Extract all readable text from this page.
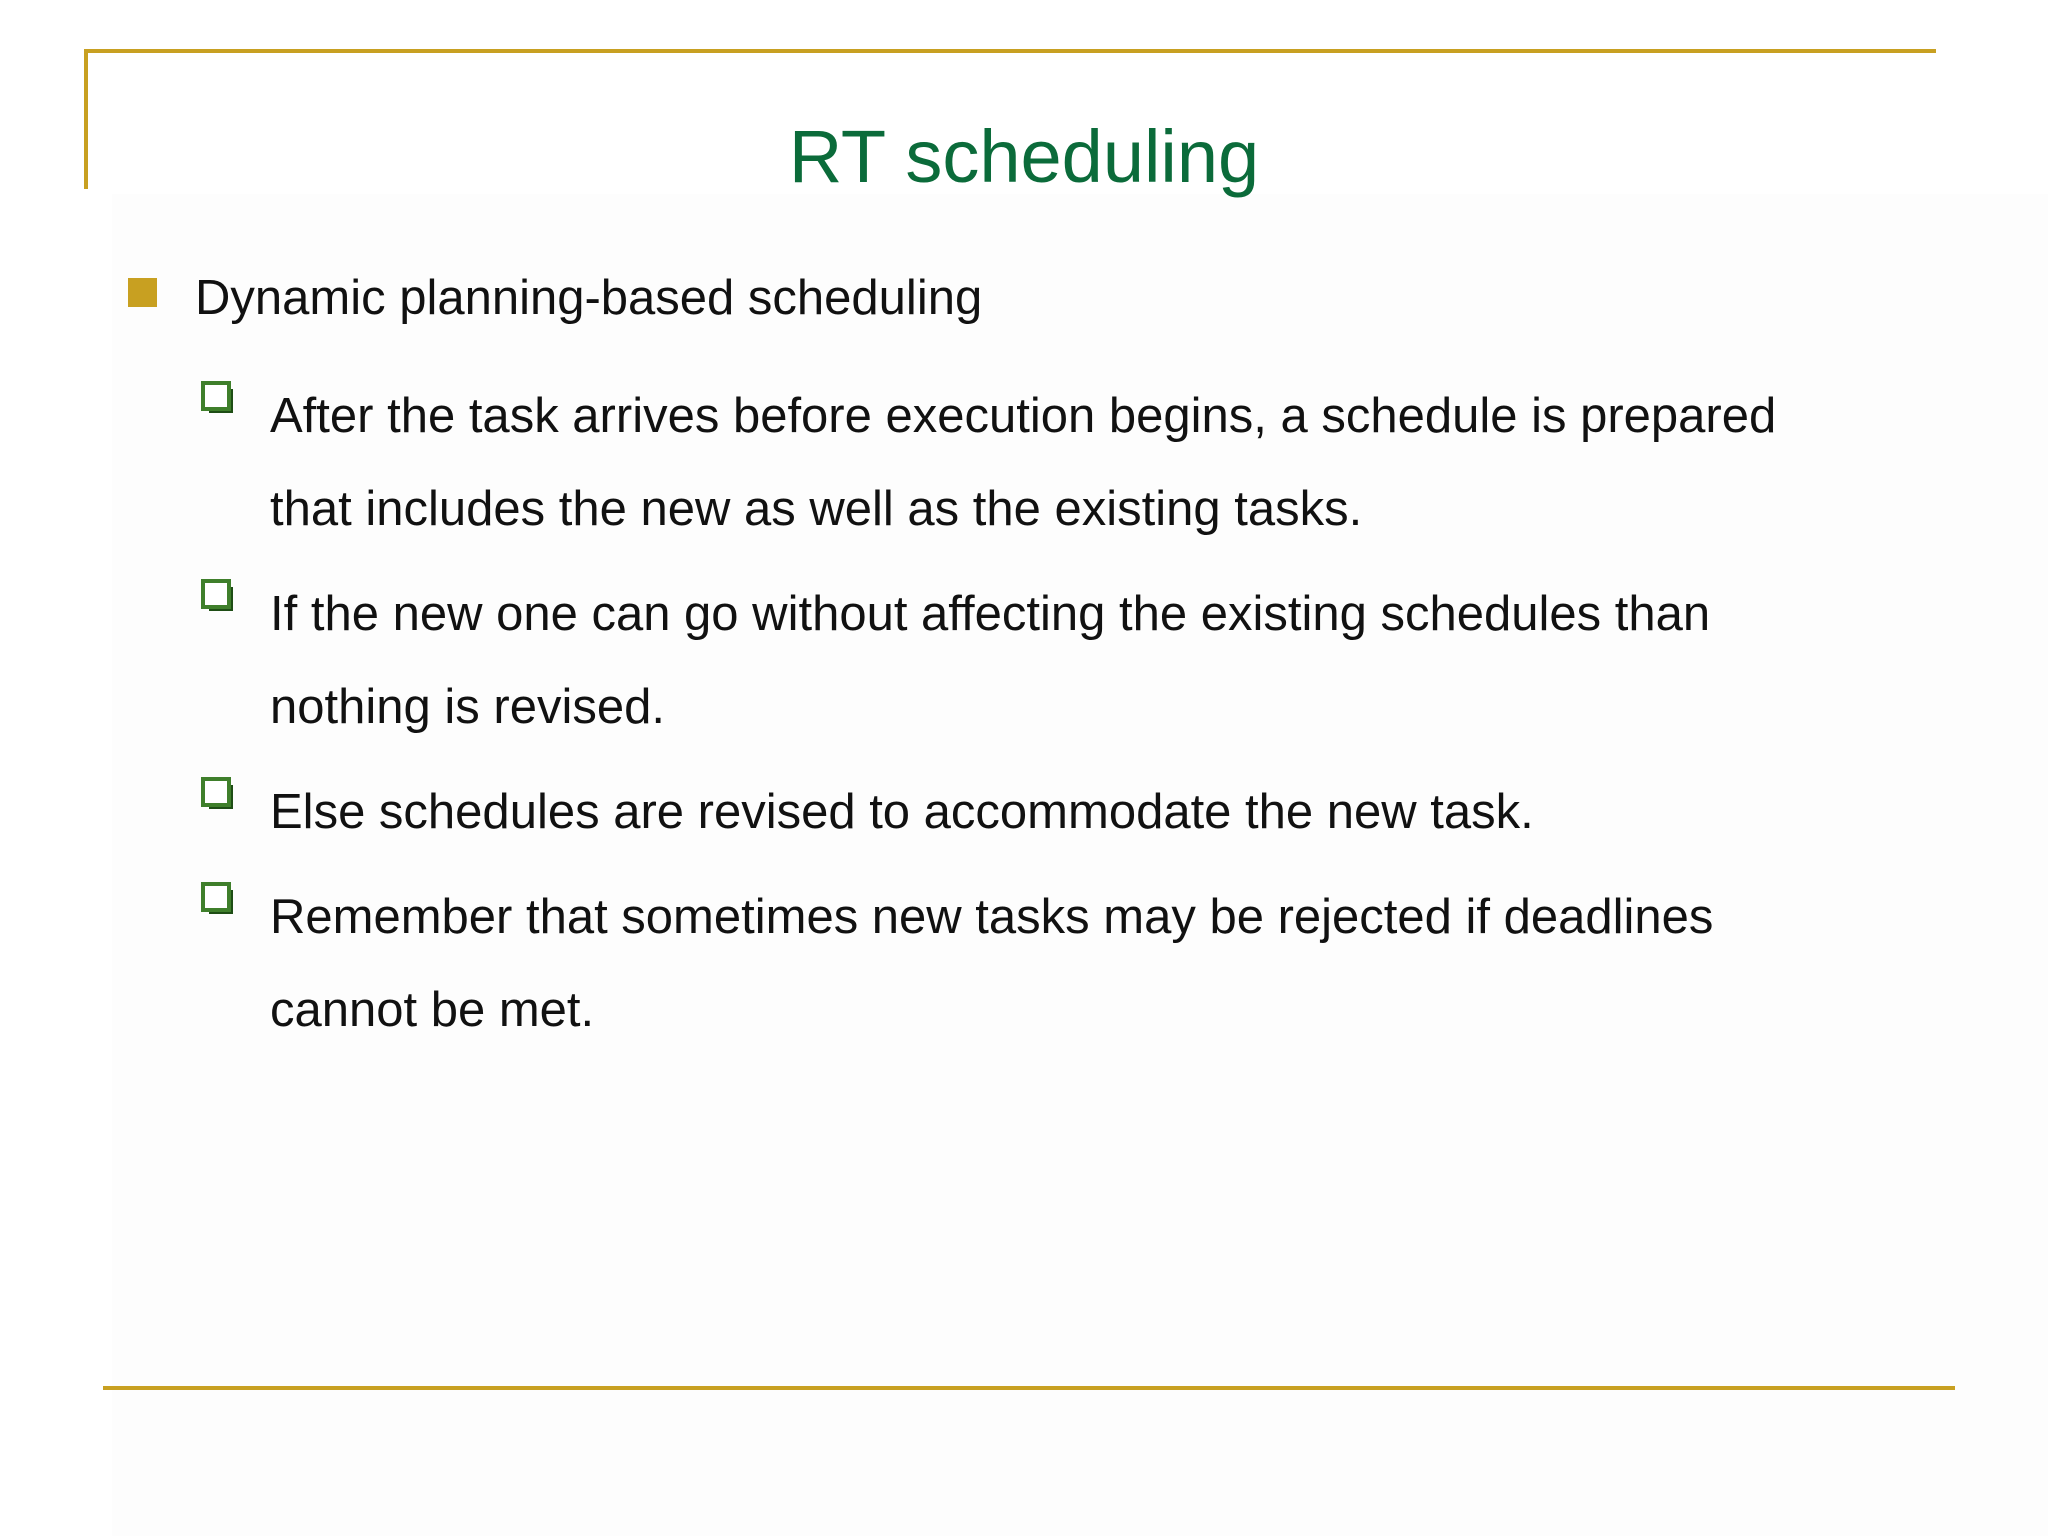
RT scheduling
Dynamic planning-based scheduling
After the task arrives before execution begins, a schedule is prepared
that includes the new as well as the existing tasks.
If the new one can go without affecting the existing schedules than
nothing is revised.
Else schedules are revised to accommodate the new task.
Remember that sometimes new tasks may be rejected if deadlines
cannot be met.
